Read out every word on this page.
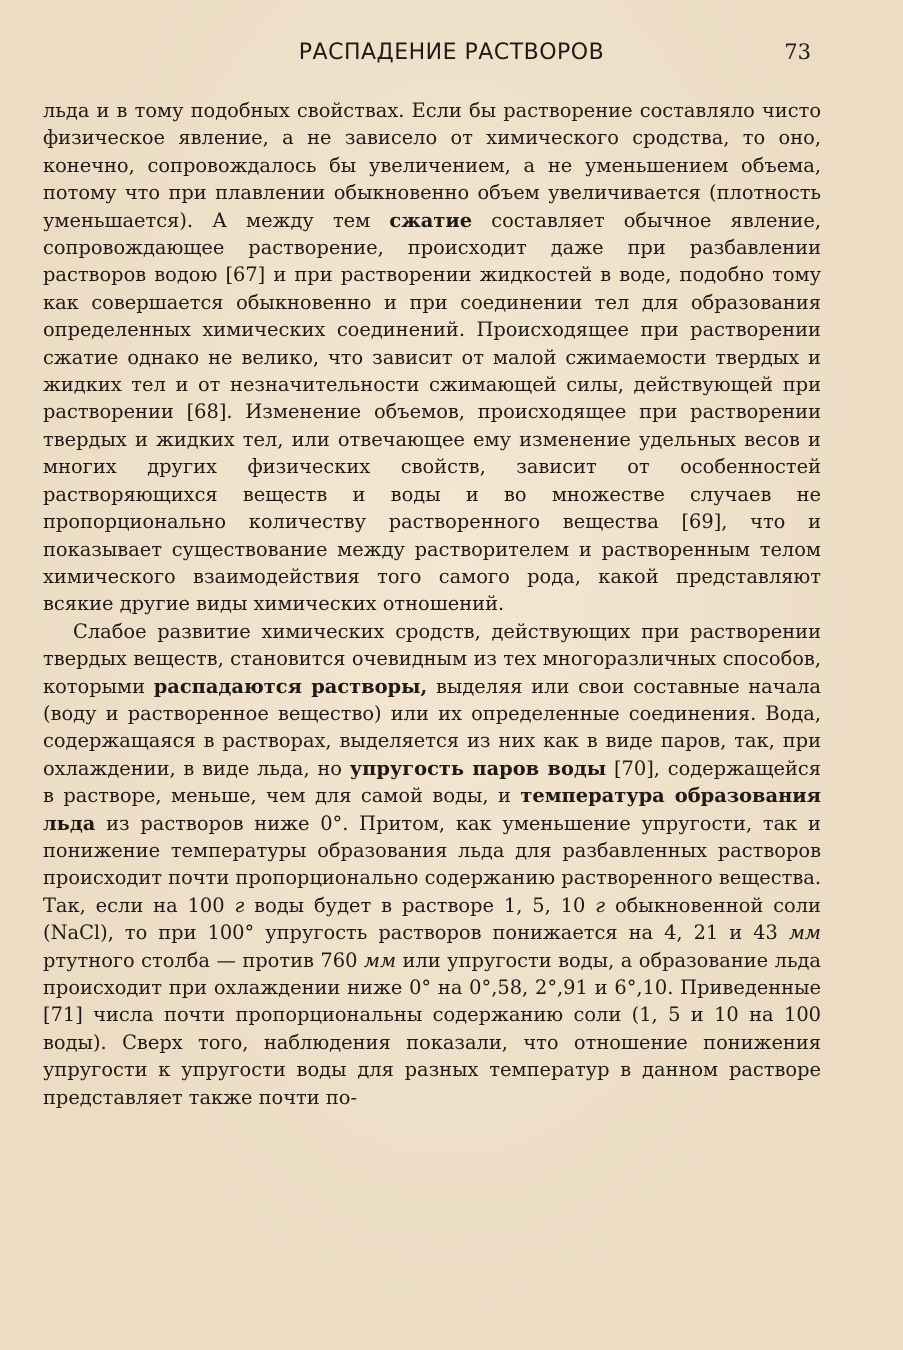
РАСПАДЕНИЕ РАСТВОРОВ	73

льда и в тому подобных свойствах. Если бы растворение составляло чисто физическое явление, а не зависело от химического сродства, то оно, конечно, сопровождалось бы увеличением, а не уменьшением объема, потому что при плавлении обыкновенно объем увеличивается (плотность уменьшается). А между тем сжатие составляет обычное явление, сопровождающее растворение, происходит даже при разбавлении растворов водою [67] и при растворении жидкостей в воде, подобно тому как совершается обыкновенно и при соединении тел для образования определенных химических соединений. Происходящее при растворении сжатие однако не велико, что зависит от малой сжимаемости твердых и жидких тел и от незначительности сжимающей силы, действующей при растворении [68]. Изменение объемов, происходящее при растворении твердых и жидких тел, или отвечающее ему изменение удельных весов и многих других физических свойств, зависит от особенностей растворяющихся веществ и воды и во множестве случаев не пропорционально количеству растворенного вещества [69], что и показывает существование между растворителем и растворенным телом химического взаимодействия того самого рода, какой представляют всякие другие виды химических отношений.

Слабое развитие химических сродств, действующих при растворении твердых веществ, становится очевидным из тех многоразличных способов, которыми распадаются растворы, выделяя или свои составные начала (воду и растворенное вещество) или их определенные соединения. Вода, содержащаяся в растворах, выделяется из них как в виде паров, так, при охлаждении, в виде льда, но упругость паров воды [70], содержащейся в растворе, меньше, чем для самой воды, и температура образования льда из растворов ниже 0°. Притом, как уменьшение упругости, так и понижение температуры образования льда для разбавленных растворов происходит почти пропорционально содержанию растворенного вещества. Так, если на 100 г воды будет в растворе 1, 5, 10 г обыкновенной соли (NaCl), то при 100° упругость растворов понижается на 4, 21 и 43 мм ртутного столба — против 760 мм или упругости воды, а образование льда происходит при охлаждении ниже 0° на 0°,58, 2°,91 и 6°,10. Приведенные [71] числа почти пропорциональны содержанию соли (1, 5 и 10 на 100 воды). Сверх того, наблюдения показали, что отношение понижения упругости к упругости воды для разных температур в данном растворе представляет также почти по-
